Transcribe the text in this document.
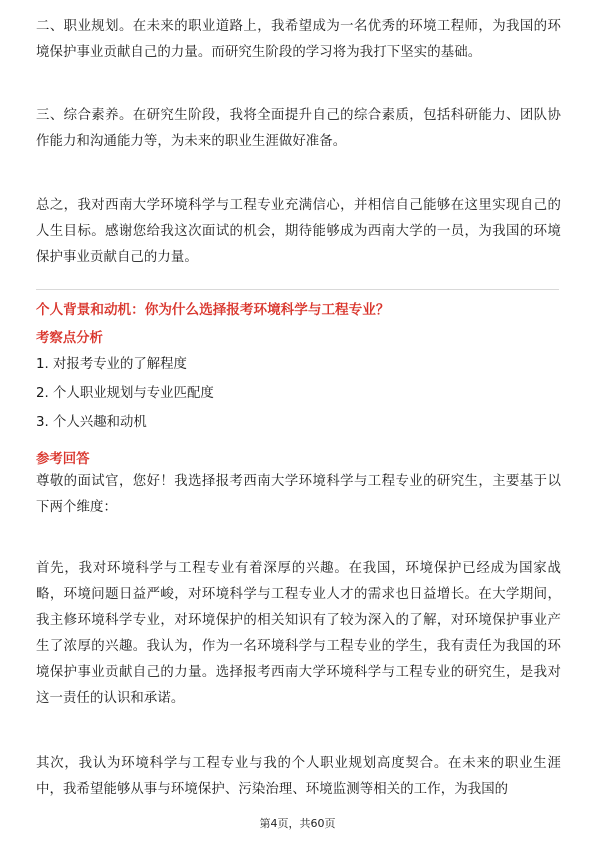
二、职业规划。在未来的职业道路上，我希望成为一名优秀的环境工程师，为我国的环境保护事业贡献自己的力量。而研究生阶段的学习将为我打下坚实的基础。

三、综合素养。在研究生阶段，我将全面提升自己的综合素质，包括科研能力、团队协作能力和沟通能力等，为未来的职业生涯做好准备。

总之，我对西南大学环境科学与工程专业充满信心，并相信自己能够在这里实现自己的人生目标。感谢您给我这次面试的机会，期待能够成为西南大学的一员，为我国的环境保护事业贡献自己的力量。

个人背景和动机：你为什么选择报考环境科学与工程专业？
考察点分析
1. 对报考专业的了解程度
2. 个人职业规划与专业匹配度
3. 个人兴趣和动机
参考回答

尊敬的面试官，您好！我选择报考西南大学环境科学与工程专业的研究生，主要基于以下两个维度：

首先，我对环境科学与工程专业有着深厚的兴趣。在我国，环境保护已经成为国家战略，环境问题日益严峻，对环境科学与工程专业人才的需求也日益增长。在大学期间，我主修环境科学专业，对环境保护的相关知识有了较为深入的了解，对环境保护事业产生了浓厚的兴趣。我认为，作为一名环境科学与工程专业的学生，我有责任为我国的环境保护事业贡献自己的力量。选择报考西南大学环境科学与工程专业的研究生，是我对这一责任的认识和承诺。

其次，我认为环境科学与工程专业与我的个人职业规划高度契合。在未来的职业生涯中，我希望能够从事与环境保护、污染治理、环境监测等相关的工作，为我国的

第4页，共60页
